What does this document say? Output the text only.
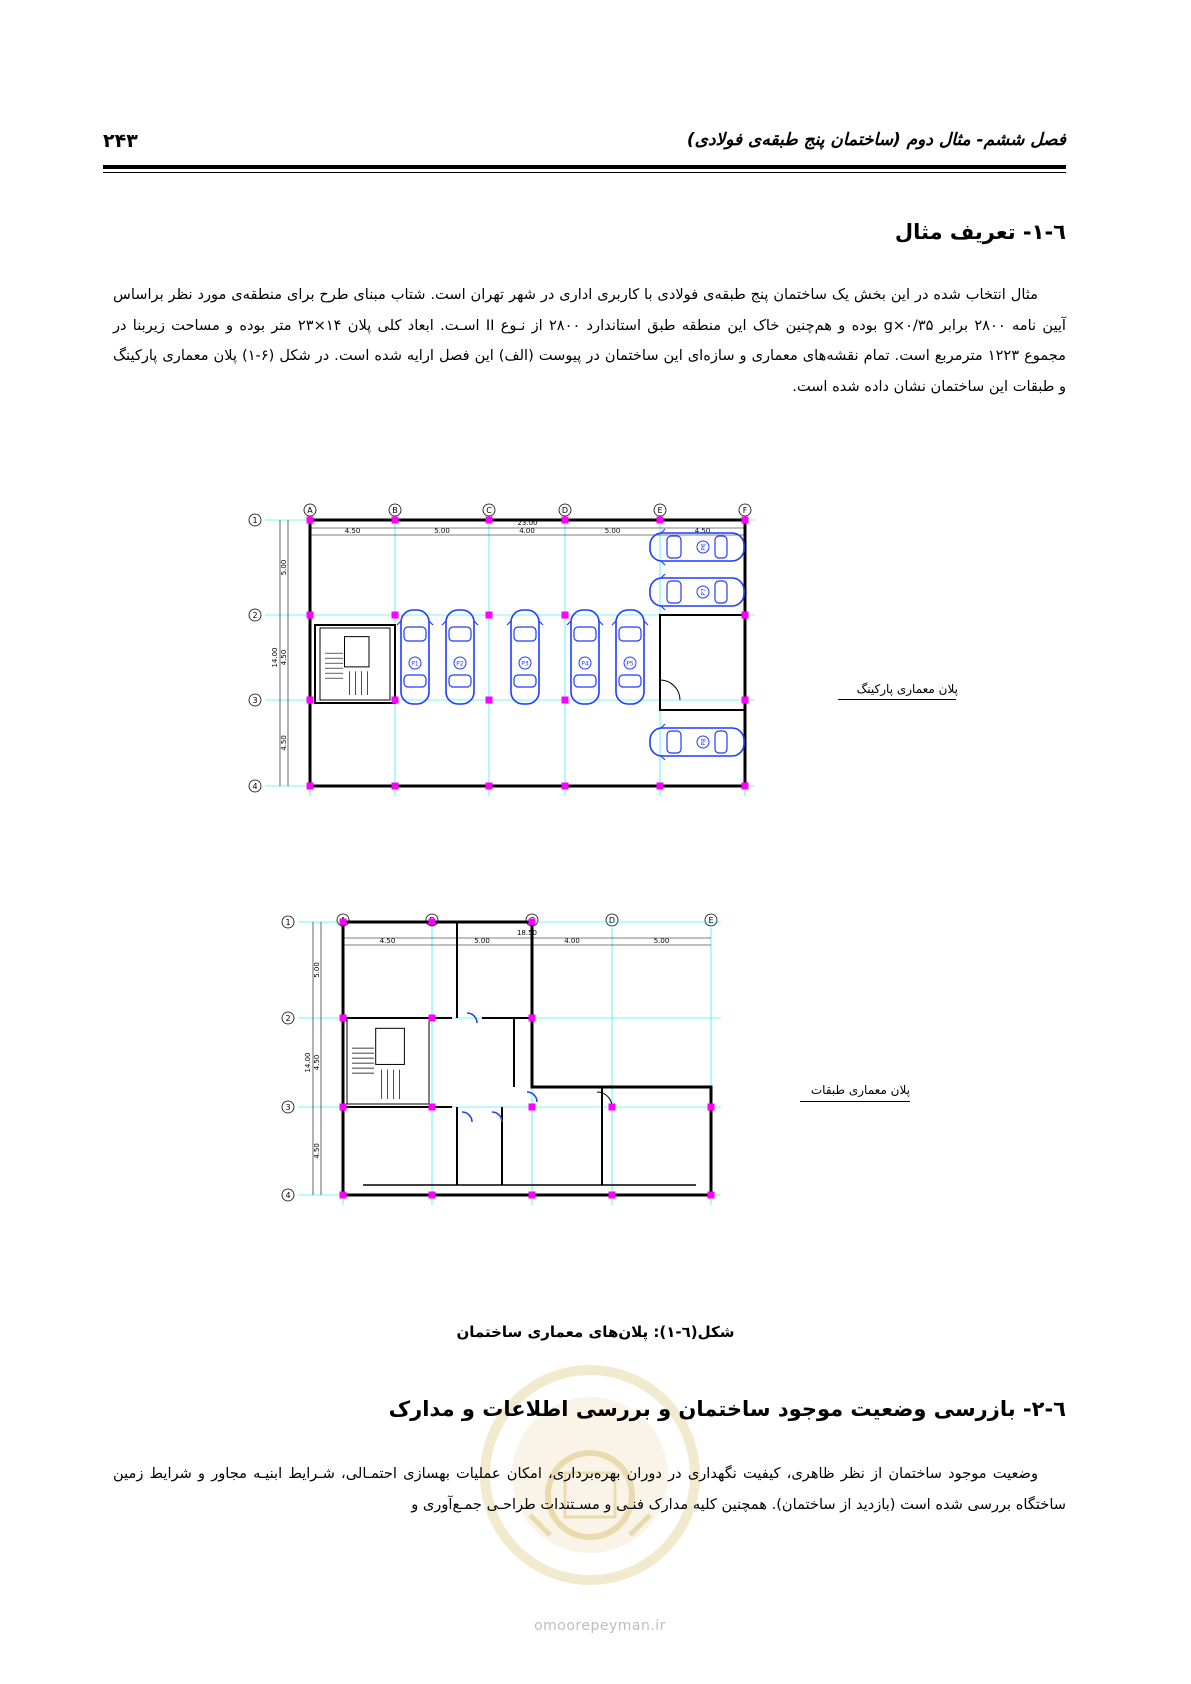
فصل ششم- مثال دوم (ساختمان پنج طبقه‌ی فولادی)
۲۴۳
٦-١- تعريف مثال

مثال انتخاب شده در این بخش یک ساختمان پنج طبقه‌ی فولادی با کاربری اداری در شهر تهران است. شتاب مبنای طرح برای منطقه‌ی مورد نظر براساس آیین نامه ۲۸۰۰ برابر g×۰/۳۵ بوده و هم‌چنین خاک این منطقه طبق استاندارد ۲۸۰۰ از نـوع II اسـت. ابعاد کلی پلان ۱۴×۲۳ متر بوده و مساحت زیربنا در مجموع ۱۲۲۳ مترمربع است. تمام نقشه‌های معماری و سازه‌ای این ساختمان در پیوست (الف) این فصل ارایه شده است. در شکل (۶-۱) پلان معماری پارکینگ و طبقات این ساختمان نشان داده شده است.

A	B	C	D	E	F
1
2
3
4
23.00
4.50	5.00	4.00	5.00	4.50
14.00
5.00
4.50
4.50
P1	P2	P3	P4	P5
P6
P7
P8
پلان معماری پارکینگ
D	E
1
2
3
4
18.50
4.50	5.00	4.00	5.00
14.00
5.00
4.50
4.50
پلان معماری طبقات
شکل(٦-١): پلان‌های معماری ساختمان
٦-٢- بازرسی وضعیت موجود ساختمان و بررسی اطلاعات و مدارک

وضعیت موجود ساختمان از نظر ظاهری، کیفیت نگهداری در دوران بهره‌برداری، امکان عملیات بهسازی احتمـالی، شـرایط ابنیـه مجاور و شرایط زمین ساختگاه بررسی شده است (بازدید از ساختمان). همچنین کلیه مدارک فنـی و مسـتندات طراحـی جمـع‌آوری و

omoorepeyman.ir
